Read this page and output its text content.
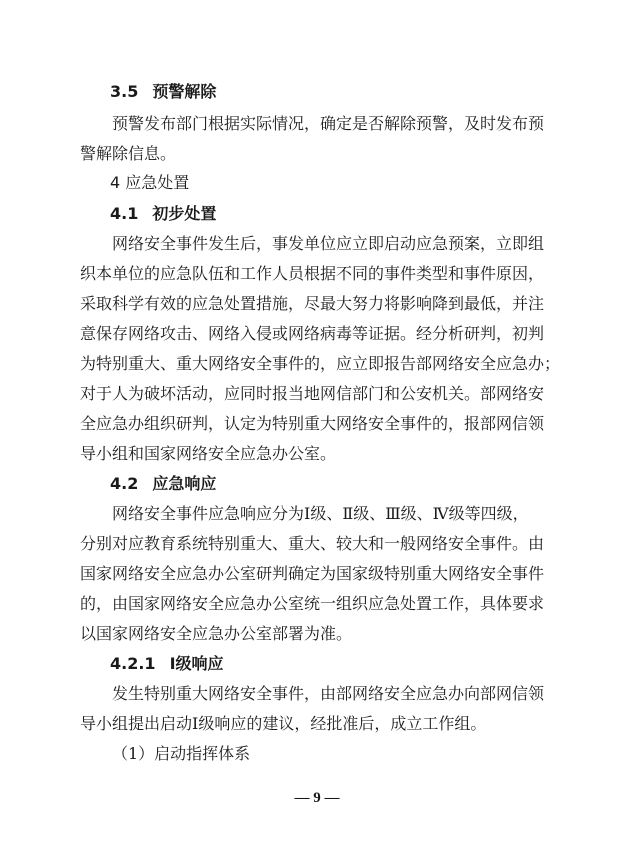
3.5 预警解除
预警发布部门根据实际情况，确定是否解除预警，及时发布预
警解除信息。
4 应急处置
4.1 初步处置
网络安全事件发生后，事发单位应立即启动应急预案，立即组
织本单位的应急队伍和工作人员根据不同的事件类型和事件原因，
采取科学有效的应急处置措施，尽最大努力将影响降到最低，并注
意保存网络攻击、网络入侵或网络病毒等证据。经分析研判，初判
为特别重大、重大网络安全事件的，应立即报告部网络安全应急办；
对于人为破坏活动，应同时报当地网信部门和公安机关。部网络安
全应急办组织研判，认定为特别重大网络安全事件的，报部网信领
导小组和国家网络安全应急办公室。
4.2 应急响应
网络安全事件应急响应分为Ⅰ级、Ⅱ级、Ⅲ级、Ⅳ级等四级，
分别对应教育系统特别重大、重大、较大和一般网络安全事件。由
国家网络安全应急办公室研判确定为国家级特别重大网络安全事件
的，由国家网络安全应急办公室统一组织应急处置工作，具体要求
以国家网络安全应急办公室部署为准。
4.2.1 Ⅰ级响应
发生特别重大网络安全事件，由部网络安全应急办向部网信领
导小组提出启动Ⅰ级响应的建议，经批准后，成立工作组。
（1）启动指挥体系
— 9 —
